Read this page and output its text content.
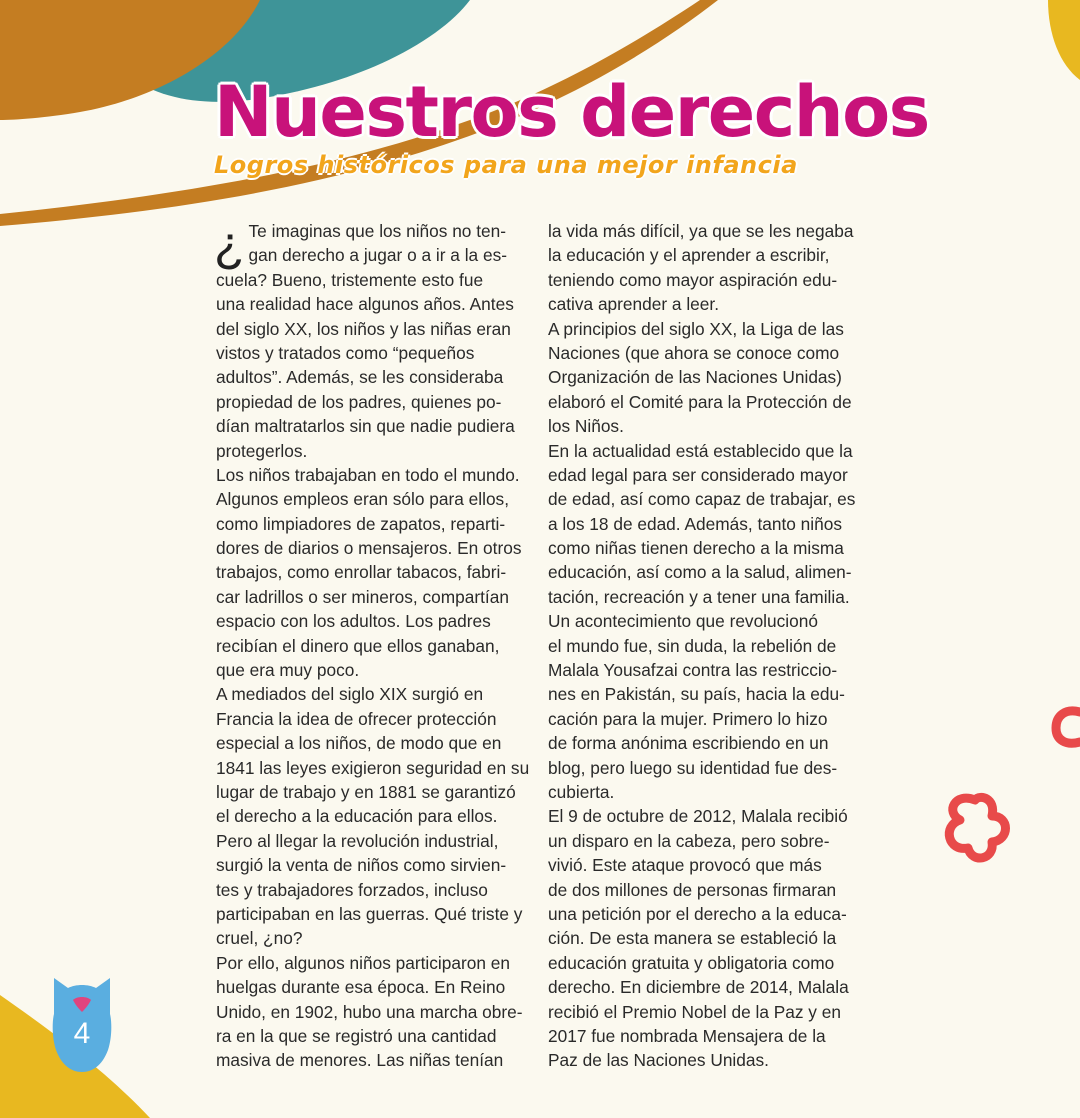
Nuestros derechos
Logros históricos para una mejor infancia
¿ Te imaginas que los niños no ten-
gan derecho a jugar o a ir a la es-
cuela? Bueno, tristemente esto fue
una realidad hace algunos años. Antes
del siglo XX, los niños y las niñas eran
vistos y tratados como “pequeños
adultos”. Además, se les consideraba
propiedad de los padres, quienes po-
dían maltratarlos sin que nadie pudiera
protegerlos.
Los niños trabajaban en todo el mundo.
Algunos empleos eran sólo para ellos,
como limpiadores de zapatos, reparti-
dores de diarios o mensajeros. En otros
trabajos, como enrollar tabacos, fabri-
car ladrillos o ser mineros, compartían
espacio con los adultos. Los padres
recibían el dinero que ellos ganaban,
que era muy poco.
A mediados del siglo XIX surgió en
Francia la idea de ofrecer protección
especial a los niños, de modo que en
1841 las leyes exigieron seguridad en su
lugar de trabajo y en 1881 se garantizó
el derecho a la educación para ellos.
Pero al llegar la revolución industrial,
surgió la venta de niños como sirvien-
tes y trabajadores forzados, incluso
participaban en las guerras. Qué triste y
cruel, ¿no?
Por ello, algunos niños participaron en
huelgas durante esa época. En Reino
Unido, en 1902, hubo una marcha obre-
ra en la que se registró una cantidad
masiva de menores. Las niñas tenían
la vida más difícil, ya que se les negaba
la educación y el aprender a escribir,
teniendo como mayor aspiración edu-
cativa aprender a leer.
A principios del siglo XX, la Liga de las
Naciones (que ahora se conoce como
Organización de las Naciones Unidas)
elaboró el Comité para la Protección de
los Niños.
En la actualidad está establecido que la
edad legal para ser considerado mayor
de edad, así como capaz de trabajar, es
a los 18 de edad. Además, tanto niños
como niñas tienen derecho a la misma
educación, así como a la salud, alimen-
tación, recreación y a tener una familia.
Un acontecimiento que revolucionó
el mundo fue, sin duda, la rebelión de
Malala Yousafzai contra las restriccio-
nes en Pakistán, su país, hacia la edu-
cación para la mujer. Primero lo hizo
de forma anónima escribiendo en un
blog, pero luego su identidad fue des-
cubierta.
El 9 de octubre de 2012, Malala recibió
un disparo en la cabeza, pero sobre-
vivió. Este ataque provocó que más
de dos millones de personas firmaran
una petición por el derecho a la educa-
ción. De esta manera se estableció la
educación gratuita y obligatoria como
derecho. En diciembre de 2014, Malala
recibió el Premio Nobel de la Paz y en
2017 fue nombrada Mensajera de la
Paz de las Naciones Unidas.
4
